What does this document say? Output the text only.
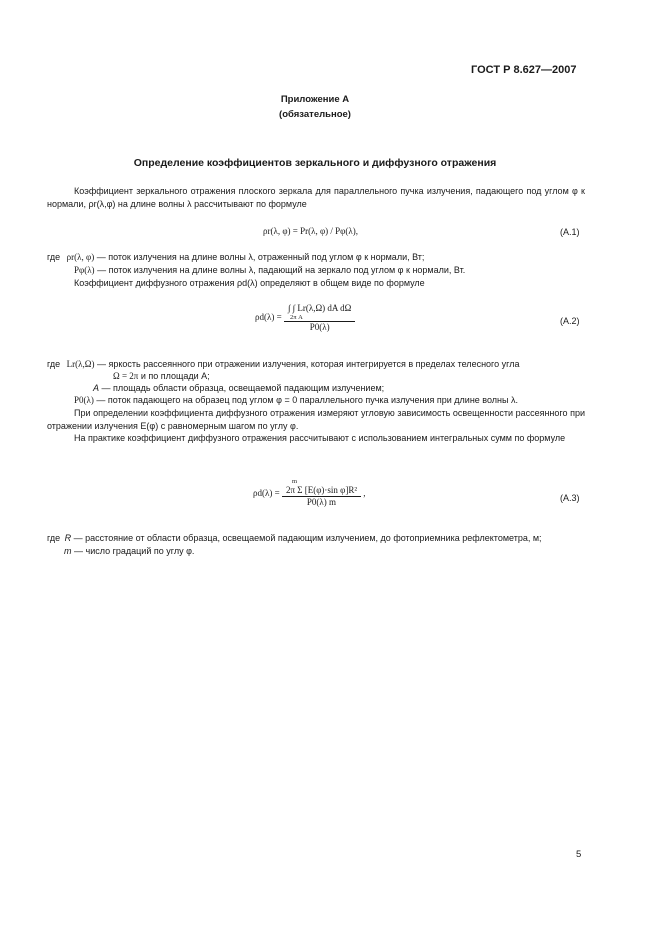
ГОСТ Р 8.627—2007
Приложение А
(обязательное)
Определение коэффициентов зеркального и диффузного отражения
Коэффициент зеркального отражения плоского зеркала для параллельного пучка излучения, падающего под углом φ к нормали, ρr(λ,φ) на длине волны λ рассчитывают по формуле
ρr(λ, φ) = Pr(λ, φ) / Pφ(λ),	(А.1)
где ρr(λ, φ) — поток излучения на длине волны λ, отраженный под углом φ к нормали, Вт;
Pφ(λ) — поток излучения на длине волны λ, падающий на зеркало под углом φ к нормали, Вт.
Коэффициент диффузного отражения ρd(λ) определяют в общем виде по формуле
ρd(λ) = ∫ ∫ Lr(λ,Ω) dA dΩ
2π A
P0(λ)	(А.2)
где Lr(λ,Ω) — яркость рассеянного при отражении излучения, которая интегрируется в пределах телесного угла
Ω = 2π и по площади A;
A — площадь области образца, освещаемой падающим излучением;
P0(λ) — поток падающего на образец под углом φ = 0 параллельного пучка излучения при длине волны λ.
При определении коэффициента диффузного отражения измеряют угловую зависимость освещенности рассеянного при отражении излучения E(φ) с равномерным шагом по углу φ.
На практике коэффициент диффузного отражения рассчитывают с использованием интегральных сумм по формуле
ρd(λ) = m
2π Σ [E(φ)·sin φ]R²
P0(λ) m ,
(А.3)
где R — расстояние от области образца, освещаемой падающим излучением, до фотоприемника рефлектометра, м;
m — число градаций по углу φ.
5
